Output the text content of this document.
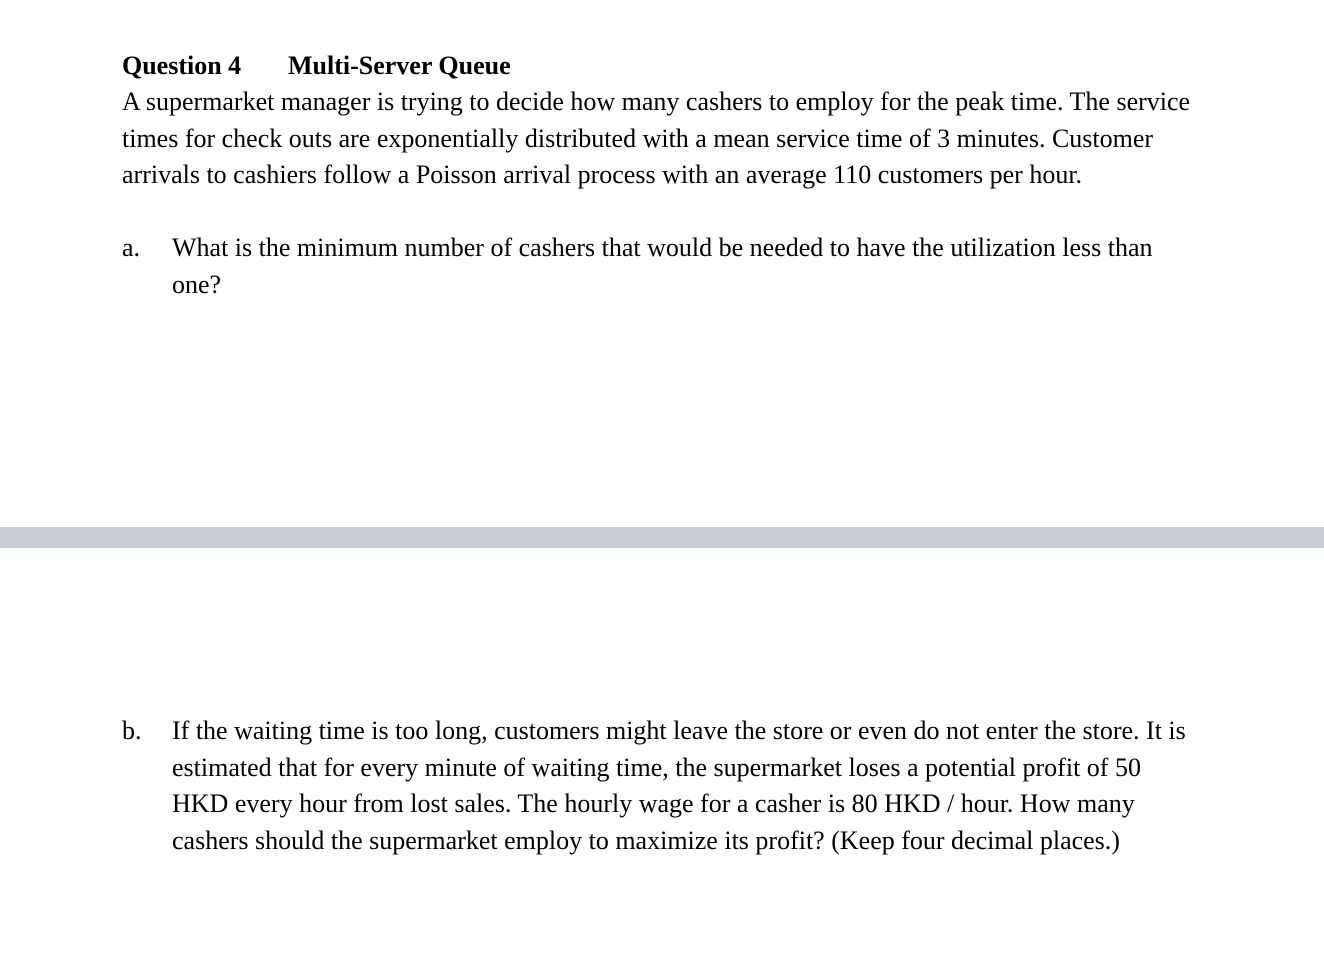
Question 4 Multi-Server Queue
A supermarket manager is trying to decide how many cashers to employ for the peak time. The service times for check outs are exponentially distributed with a mean service time of 3 minutes. Customer arrivals to cashiers follow a Poisson arrival process with an average 110 customers per hour.
a. What is the minimum number of cashers that would be needed to have the utilization less than one?
b. If the waiting time is too long, customers might leave the store or even do not enter the store. It is estimated that for every minute of waiting time, the supermarket loses a potential profit of 50 HKD every hour from lost sales. The hourly wage for a casher is 80 HKD / hour. How many cashers should the supermarket employ to maximize its profit? (Keep four decimal places.)
